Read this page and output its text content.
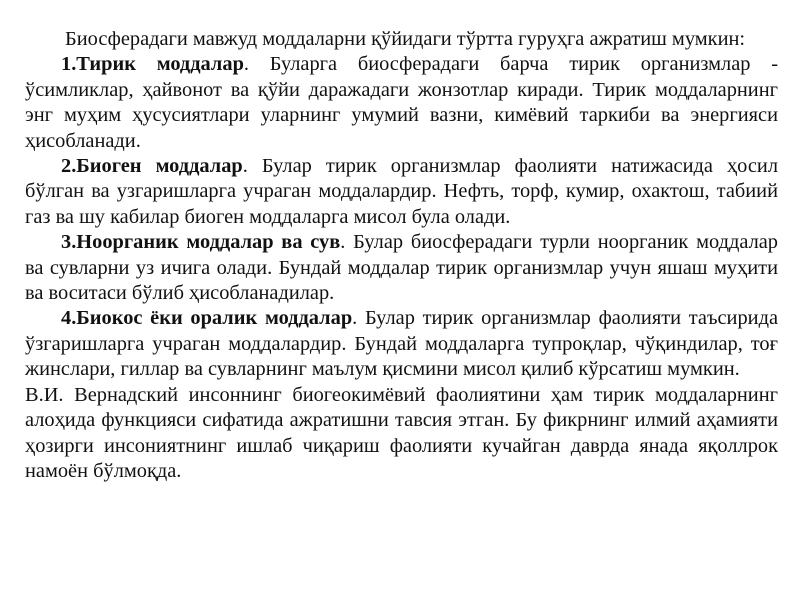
Биосферадаги мавжуд моддаларни қўйидаги тўртта гуруҳга ажратиш мумкин:

1.Тирик моддалар. Буларга биосферадаги барча тирик организмлар - ўсимликлар, ҳайвонот ва қўйи даражадаги жонзотлар киради. Тирик моддаларнинг энг муҳим ҳусусиятлари уларнинг умумий вазни, кимёвий таркиби ва энергияси ҳисобланади.

2.Биоген моддалар. Булар тирик организмлар фаолияти натижасида ҳосил бўлган ва узгаришларга учраган моддалардир. Нефть, торф, кумир, охактош, табиий газ ва шу кабилар биоген моддаларга мисол була олади.

3.Ноорганик моддалар ва сув. Булар биосферадаги турли ноорганик моддалар ва сувларни уз ичига олади. Бундай моддалар тирик организмлар учун яшаш муҳити ва воситаси бўлиб ҳисобланадилар.

4.Биокос ёки оралик моддалар. Булар тирик организмлар фаолияти таъсирида ўзгаришларга учраган моддалардир. Бундай моддаларга тупроқлар, чўқиндилар, тоғ жинслари, гиллар ва сувларнинг маълум қисмини мисол қилиб кўрсатиш мумкин.

В.И. Вернадский инсоннинг биогеокимёвий фаолиятини ҳам тирик моддаларнинг алоҳида функцияси сифатида ажратишни тавсия этган. Бу фикрнинг илмий аҳамияти ҳозирги инсониятнинг ишлаб чиқариш фаолияти кучайган даврда янада яқоллрок намоён бўлмоқда.
